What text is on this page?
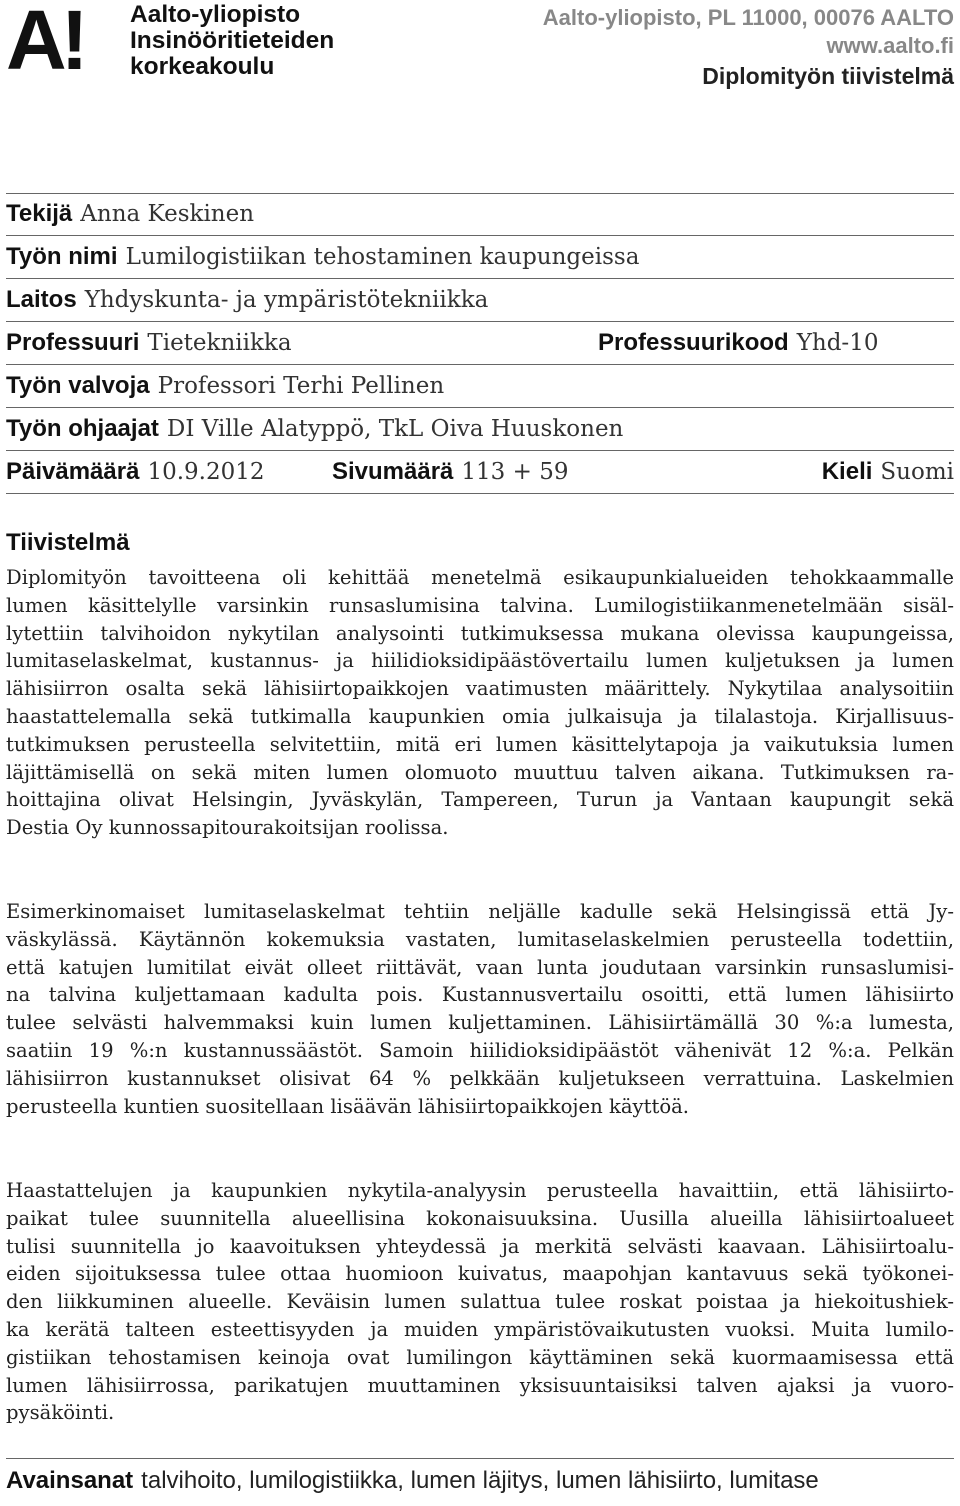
A! Aalto-yliopisto
Insinööritieteiden
korkeakoulu
Aalto-yliopisto, PL 11000, 00076 AALTO
www.aalto.fi
Diplomityön tiivistelmä
Tekijä Anna Keskinen
Työn nimi Lumilogistiikan tehostaminen kaupungeissa
Laitos Yhdyskunta- ja ympäristötekniikka
Professuuri Tietekniikka	Professuurikood Yhd-10
Työn valvoja Professori Terhi Pellinen
Työn ohjaajat DI Ville Alatyppö, TkL Oiva Huuskonen
Päivämäärä 10.9.2012	Sivumäärä 113 + 59	Kieli Suomi
Tiivistelmä
Diplomityön tavoitteena oli kehittää menetelmä esikaupunkialueiden tehokkaammalle
lumen käsittelylle varsinkin runsaslumisina talvina. Lumilogistiikanmenetelmään sisäl-
lytettiin talvihoidon nykytilan analysointi tutkimuksessa mukana olevissa kaupungeissa,
lumitaselaskelmat, kustannus- ja hiilidioksidipäästövertailu lumen kuljetuksen ja lumen
lähisiirron osalta sekä lähisiirtopaikkojen vaatimusten määrittely. Nykytilaa analysoitiin
haastattelemalla sekä tutkimalla kaupunkien omia julkaisuja ja tilalastoja. Kirjallisuus-
tutkimuksen perusteella selvitettiin, mitä eri lumen käsittelytapoja ja vaikutuksia lumen
läjittämisellä on sekä miten lumen olomuoto muuttuu talven aikana. Tutkimuksen ra-
hoittajina olivat Helsingin, Jyväskylän, Tampereen, Turun ja Vantaan kaupungit sekä
Destia Oy kunnossapitourakoitsijan roolissa.
Esimerkinomaiset lumitaselaskelmat tehtiin neljälle kadulle sekä Helsingissä että Jy-
väskylässä. Käytännön kokemuksia vastaten, lumitaselaskelmien perusteella todettiin,
että katujen lumitilat eivät olleet riittävät, vaan lunta joudutaan varsinkin runsaslumisi-
na talvina kuljettamaan kadulta pois. Kustannusvertailu osoitti, että lumen lähisiirto
tulee selvästi halvemmaksi kuin lumen kuljettaminen. Lähisiirtämällä 30 %:a lumesta,
saatiin 19 %:n kustannussäästöt. Samoin hiilidioksidipäästöt vähenivät 12 %:a. Pelkän
lähisiirron kustannukset olisivat 64 % pelkkään kuljetukseen verrattuina. Laskelmien
perusteella kuntien suositellaan lisäävän lähisiirtopaikkojen käyttöä.
Haastattelujen ja kaupunkien nykytila-analyysin perusteella havaittiin, että lähisiirto-
paikat tulee suunnitella alueellisina kokonaisuuksina. Uusilla alueilla lähisiirtoalueet
tulisi suunnitella jo kaavoituksen yhteydessä ja merkitä selvästi kaavaan. Lähisiirtoalu-
eiden sijoituksessa tulee ottaa huomioon kuivatus, maapohjan kantavuus sekä työkonei-
den liikkuminen alueelle. Keväisin lumen sulattua tulee roskat poistaa ja hiekoitushiek-
ka kerätä talteen esteettisyyden ja muiden ympäristövaikutusten vuoksi. Muita lumilo-
gistiikan tehostamisen keinoja ovat lumilingon käyttäminen sekä kuormaamisessa että
lumen lähisiirrossa, parikatujen muuttaminen yksisuuntaisiksi talven ajaksi ja vuoro-
pysäköinti.
Avainsanat talvihoito, lumilogistiikka, lumen läjitys, lumen lähisiirto, lumitase
